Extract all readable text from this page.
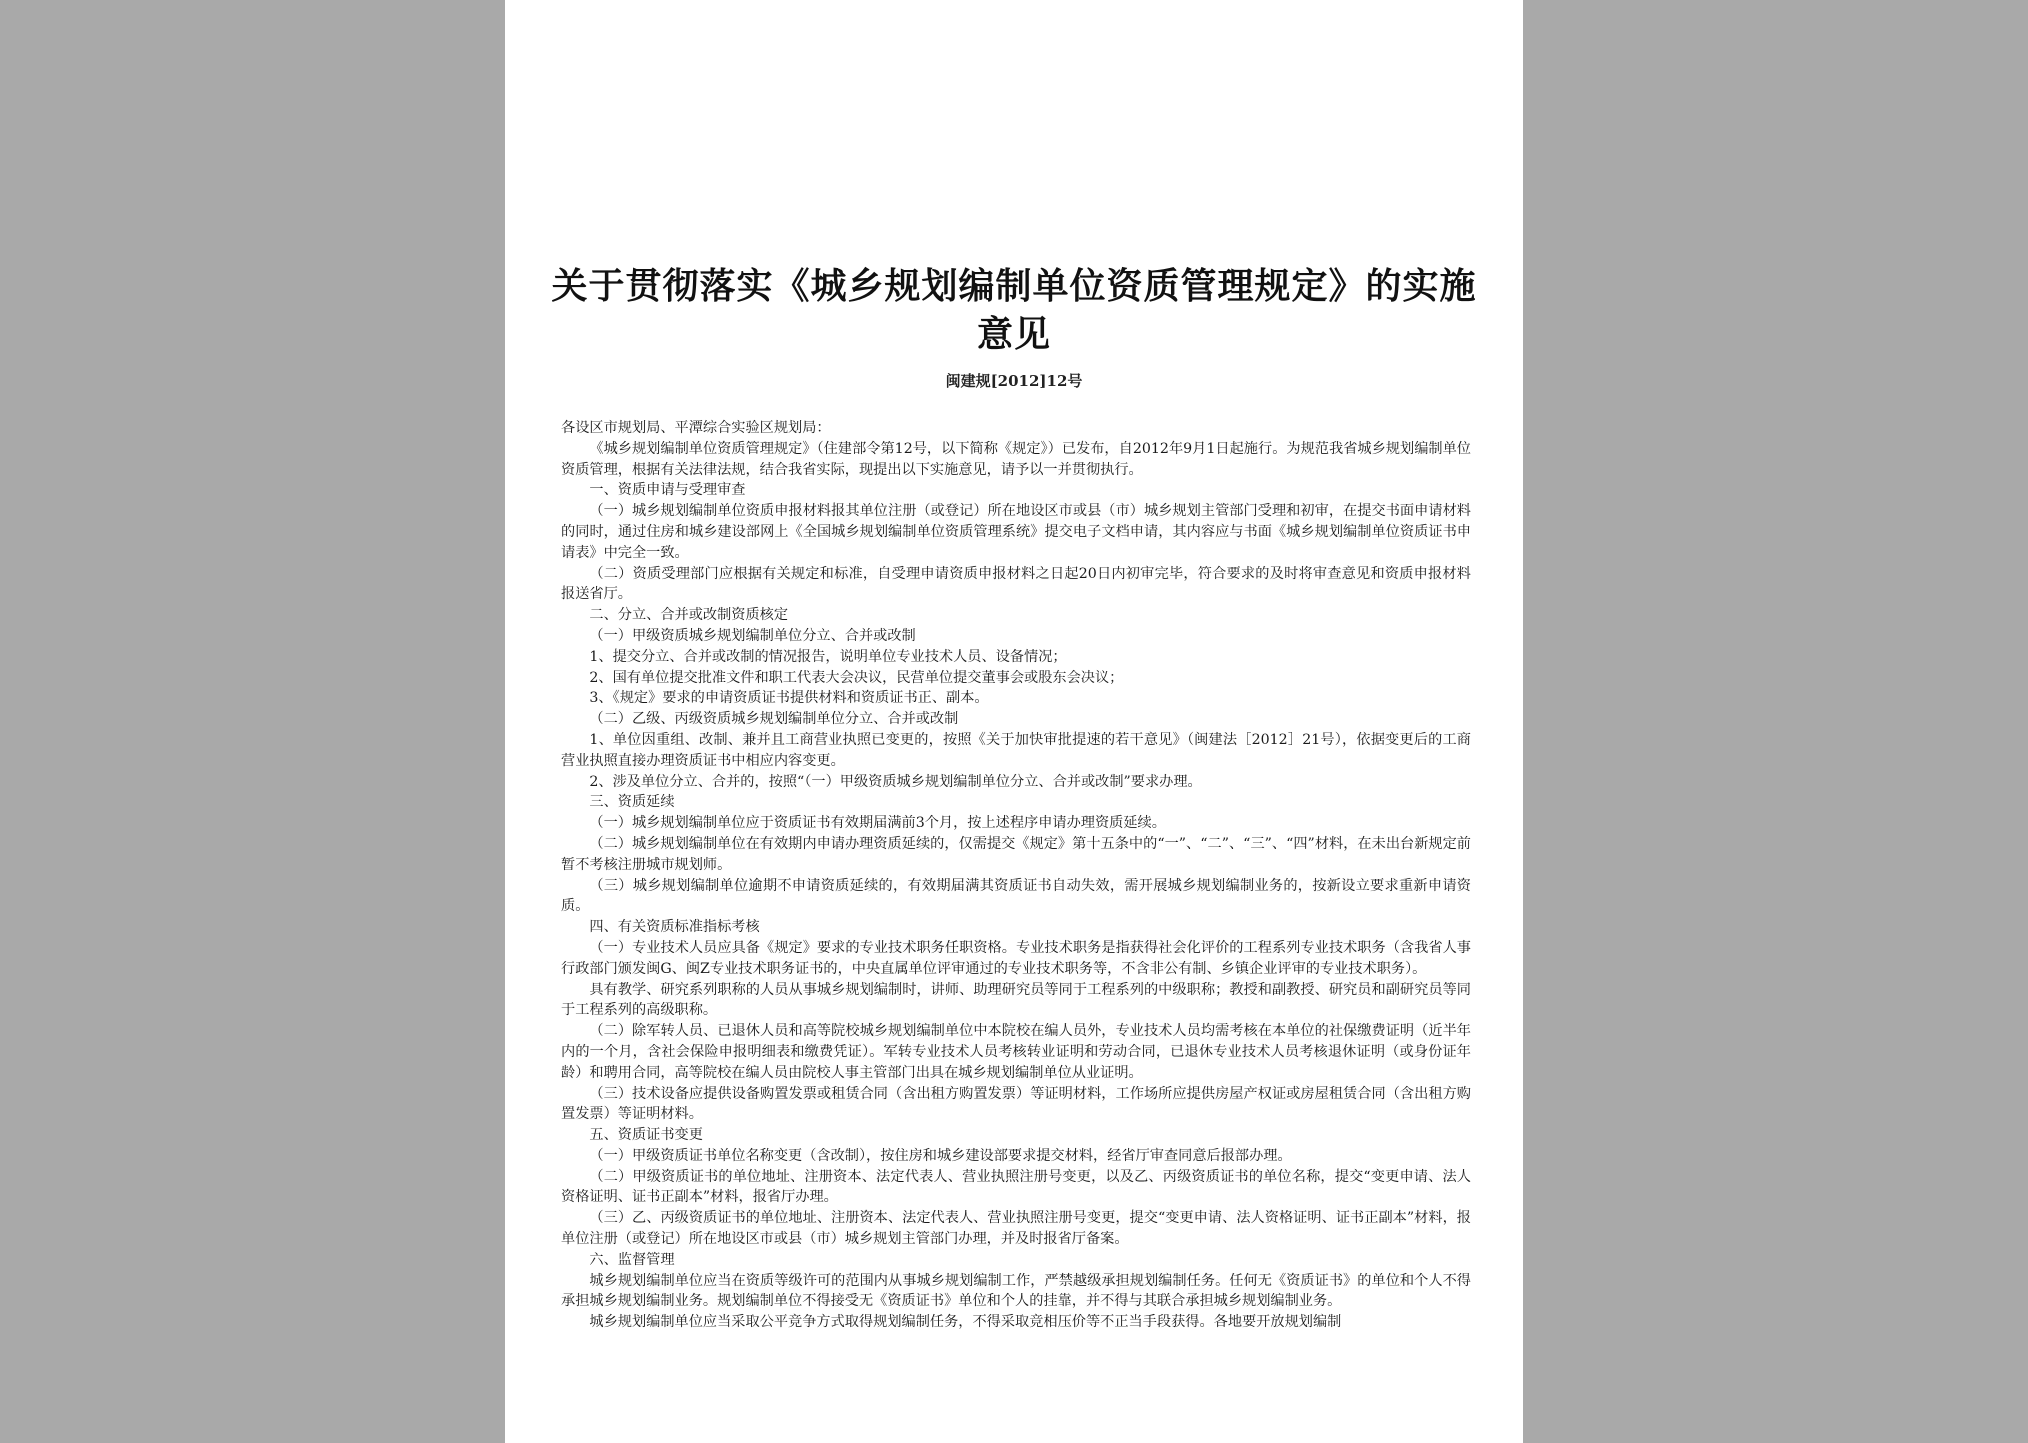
关于贯彻落实《城乡规划编制单位资质管理规定》的实施意见
闽建规[2012]12号

各设区市规划局、平潭综合实验区规划局：

《城乡规划编制单位资质管理规定》（住建部令第12号，以下简称《规定》）已发布，自2012年9月1日起施行。为规范我省城乡规划编制单位资质管理，根据有关法律法规，结合我省实际，现提出以下实施意见，请予以一并贯彻执行。

一、资质申请与受理审查

（一）城乡规划编制单位资质申报材料报其单位注册（或登记）所在地设区市或县（市）城乡规划主管部门受理和初审，在提交书面申请材料的同时，通过住房和城乡建设部网上《全国城乡规划编制单位资质管理系统》提交电子文档申请，其内容应与书面《城乡规划编制单位资质证书申请表》中完全一致。

（二）资质受理部门应根据有关规定和标准，自受理申请资质申报材料之日起20日内初审完毕，符合要求的及时将审查意见和资质申报材料报送省厅。

二、分立、合并或改制资质核定

（一）甲级资质城乡规划编制单位分立、合并或改制

1、提交分立、合并或改制的情况报告，说明单位专业技术人员、设备情况；

2、国有单位提交批准文件和职工代表大会决议，民营单位提交董事会或股东会决议；

3、《规定》要求的申请资质证书提供材料和资质证书正、副本。

（二）乙级、丙级资质城乡规划编制单位分立、合并或改制

1、单位因重组、改制、兼并且工商营业执照已变更的，按照《关于加快审批提速的若干意见》（闽建法［2012］21号），依据变更后的工商营业执照直接办理资质证书中相应内容变更。

2、涉及单位分立、合并的，按照“（一）甲级资质城乡规划编制单位分立、合并或改制”要求办理。

三、资质延续

（一）城乡规划编制单位应于资质证书有效期届满前3个月，按上述程序申请办理资质延续。

（二）城乡规划编制单位在有效期内申请办理资质延续的，仅需提交《规定》第十五条中的“一”、“二”、“三”、“四”材料，在未出台新规定前暂不考核注册城市规划师。

（三）城乡规划编制单位逾期不申请资质延续的，有效期届满其资质证书自动失效，需开展城乡规划编制业务的，按新设立要求重新申请资质。

四、有关资质标准指标考核

（一）专业技术人员应具备《规定》要求的专业技术职务任职资格。专业技术职务是指获得社会化评价的工程系列专业技术职务（含我省人事行政部门颁发闽G、闽Z专业技术职务证书的，中央直属单位评审通过的专业技术职务等，不含非公有制、乡镇企业评审的专业技术职务）。

具有教学、研究系列职称的人员从事城乡规划编制时，讲师、助理研究员等同于工程系列的中级职称；教授和副教授、研究员和副研究员等同于工程系列的高级职称。

（二）除军转人员、已退休人员和高等院校城乡规划编制单位中本院校在编人员外，专业技术人员均需考核在本单位的社保缴费证明（近半年内的一个月，含社会保险申报明细表和缴费凭证）。军转专业技术人员考核转业证明和劳动合同，已退休专业技术人员考核退休证明（或身份证年龄）和聘用合同，高等院校在编人员由院校人事主管部门出具在城乡规划编制单位从业证明。

（三）技术设备应提供设备购置发票或租赁合同（含出租方购置发票）等证明材料，工作场所应提供房屋产权证或房屋租赁合同（含出租方购置发票）等证明材料。

五、资质证书变更

（一）甲级资质证书单位名称变更（含改制），按住房和城乡建设部要求提交材料，经省厅审查同意后报部办理。

（二）甲级资质证书的单位地址、注册资本、法定代表人、营业执照注册号变更，以及乙、丙级资质证书的单位名称，提交“变更申请、法人资格证明、证书正副本”材料，报省厅办理。

（三）乙、丙级资质证书的单位地址、注册资本、法定代表人、营业执照注册号变更，提交“变更申请、法人资格证明、证书正副本”材料，报单位注册（或登记）所在地设区市或县（市）城乡规划主管部门办理，并及时报省厅备案。

六、监督管理

城乡规划编制单位应当在资质等级许可的范围内从事城乡规划编制工作，严禁越级承担规划编制任务。任何无《资质证书》的单位和个人不得承担城乡规划编制业务。规划编制单位不得接受无《资质证书》单位和个人的挂靠，并不得与其联合承担城乡规划编制业务。

城乡规划编制单位应当采取公平竞争方式取得规划编制任务，不得采取竞相压价等不正当手段获得。各地要开放规划编制
